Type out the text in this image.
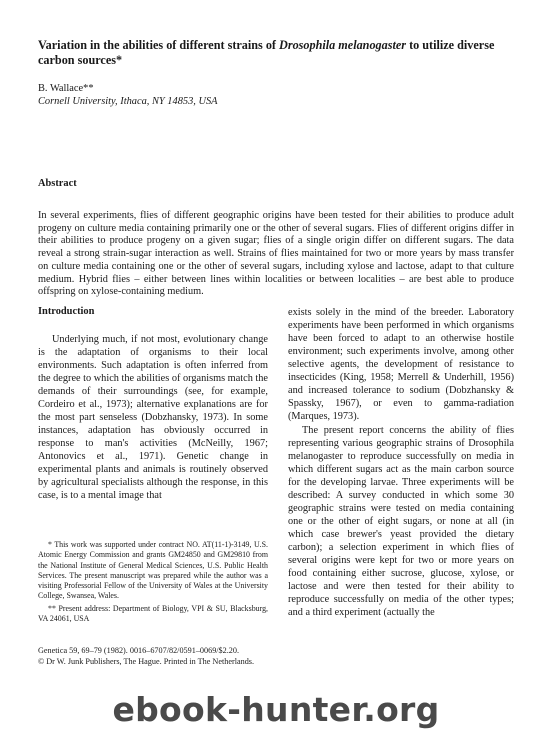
Variation in the abilities of different strains of Drosophila melanogaster to utilize diverse carbon sources*
B. Wallace**
Cornell University, Ithaca, NY 14853, USA
Abstract

In several experiments, flies of different geographic origins have been tested for their abilities to produce adult progeny on culture media containing primarily one or the other of several sugars. Flies of different origins differ in their abilities to produce progeny on a given sugar; flies of a single origin differ on different sugars. The data reveal a strong strain-sugar interaction as well. Strains of flies maintained for two or more years by mass transfer on culture media containing one or the other of several sugars, including xylose and lactose, adapt to that culture medium. Hybrid flies – either between lines within localities or between localities – are best able to produce offspring on xylose-containing medium.

Introduction

Underlying much, if not most, evolutionary change is the adaptation of organisms to their local environments. Such adaptation is often inferred from the degree to which the abilities of organisms match the demands of their surroundings (see, for example, Cordeiro et al., 1973); alternative explanations are for the most part senseless (Dobzhansky, 1973). In some instances, adaptation has obviously occurred in response to man's activities (McNeilly, 1967; Antonovics et al., 1971). Genetic change in experimental plants and animals is routinely observed by agricultural specialists although the response, in this case, is to a mental image that

exists solely in the mind of the breeder. Laboratory experiments have been performed in which organisms have been forced to adapt to an otherwise hostile environment; such experiments involve, among other selective agents, the development of resistance to insecticides (King, 1958; Merrell & Underhill, 1956) and increased tolerance to sodium (Dobzhansky & Spassky, 1967), or even to gamma-radiation (Marques, 1973).

The present report concerns the ability of flies representing various geographic strains of Drosophila melanogaster to reproduce successfully on media in which different sugars act as the main carbon source for the developing larvae. Three experiments will be described: A survey conducted in which some 30 geographic strains were tested on media containing one or the other of eight sugars, or none at all (in which case brewer's yeast provided the dietary carbon); a selection experiment in which flies of several origins were kept for two or more years on food containing either sucrose, glucose, xylose, or lactose and were then tested for their ability to reproduce successfully on media of the other types; and a third experiment (actually the

* This work was supported under contract NO. AT(11-1)-3149, U.S. Atomic Energy Commission and grants GM24850 and GM29810 from the National Institute of General Medical Sciences, U.S. Public Health Services. The present manuscript was prepared while the author was a visiting Professorial Fellow of the University of Wales at the University College, Swansea, Wales.

** Present address: Department of Biology, VPI & SU, Blacksburg, VA 24061, USA

Genetica 59, 69–79 (1982). 0016–6707/82/0591–0069/$2.20.
© Dr W. Junk Publishers, The Hague. Printed in The Netherlands.
ebook-hunter.org
